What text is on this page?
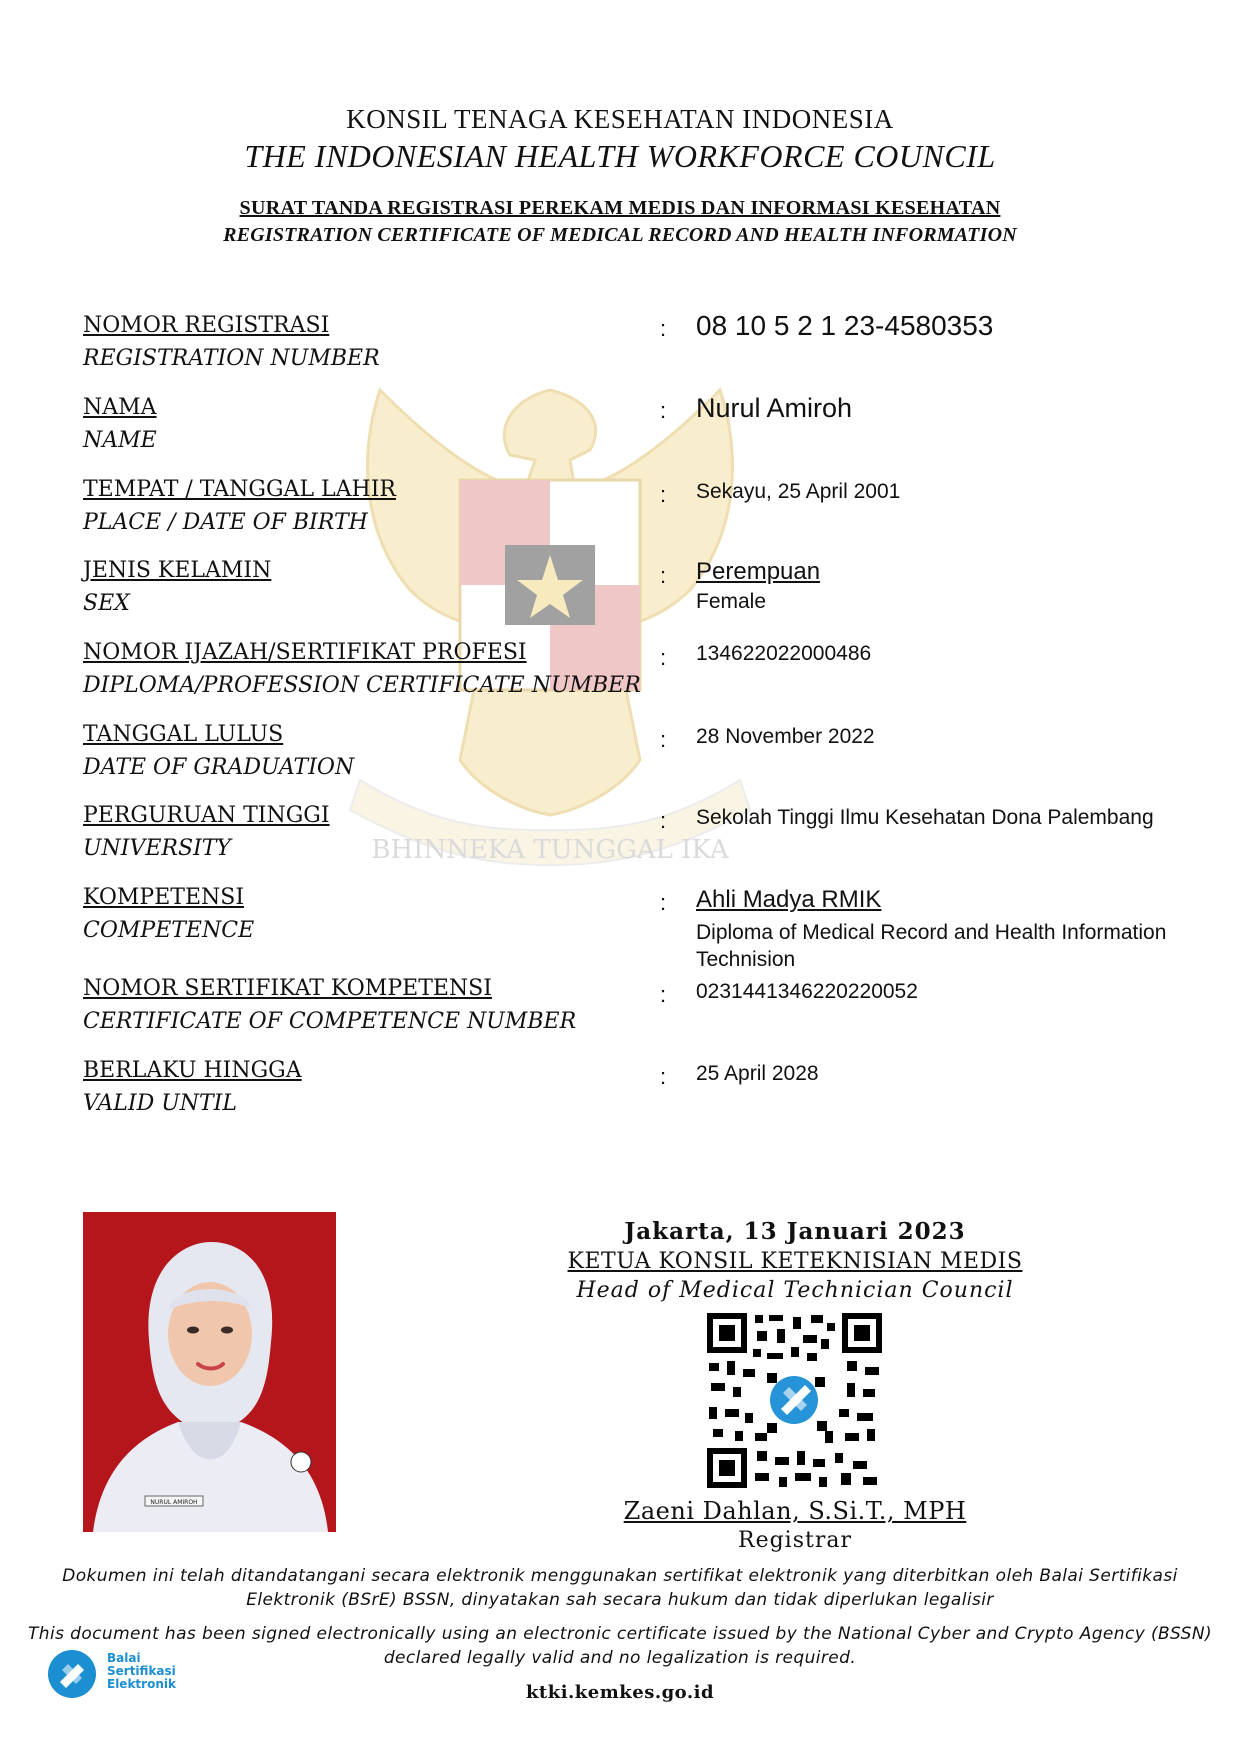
BHINNEKA TUNGGAL IKA
KONSIL TENAGA KESEHATAN INDONESIA
THE INDONESIAN HEALTH WORKFORCE COUNCIL
SURAT TANDA REGISTRASI PEREKAM MEDIS DAN INFORMASI KESEHATAN
REGISTRATION CERTIFICATE OF MEDICAL RECORD AND HEALTH INFORMATION
NOMOR REGISTRASI
REGISTRATION NUMBER
: 08 10 5 2 1 23-4580353
NAMA
NAME
: Nurul Amiroh
TEMPAT / TANGGAL LAHIR
PLACE / DATE OF BIRTH
: Sekayu, 25 April 2001
JENIS KELAMIN
SEX
: Perempuan
Female
NOMOR IJAZAH/SERTIFIKAT PROFESI
DIPLOMA/PROFESSION CERTIFICATE NUMBER
: 134622022000486
TANGGAL LULUS
DATE OF GRADUATION
: 28 November 2022
PERGURUAN TINGGI
UNIVERSITY
: Sekolah Tinggi Ilmu Kesehatan Dona Palembang
KOMPETENSI
COMPETENCE
: Ahli Madya RMIK
Diploma of Medical Record and Health Information Technision
NOMOR SERTIFIKAT KOMPETENSI
CERTIFICATE OF COMPETENCE NUMBER
: 0231441346220220052
BERLAKU HINGGA
VALID UNTIL
: 25 April 2028
NURUL AMIROH
Jakarta, 13 Januari 2023
KETUA KONSIL KETEKNISIAN MEDIS
Head of Medical Technician Council
Zaeni Dahlan, S.Si.T., MPH
Registrar
Dokumen ini telah ditandatangani secara elektronik menggunakan sertifikat elektronik yang diterbitkan oleh Balai Sertifikasi Elektronik (BSrE) BSSN, dinyatakan sah secara hukum dan tidak diperlukan legalisir
This document has been signed electronically using an electronic certificate issued by the National Cyber and Crypto Agency (BSSN) declared legally valid and no legalization is required.
Balai
Sertifikasi
Elektronik	ktki.kemkes.go.id
